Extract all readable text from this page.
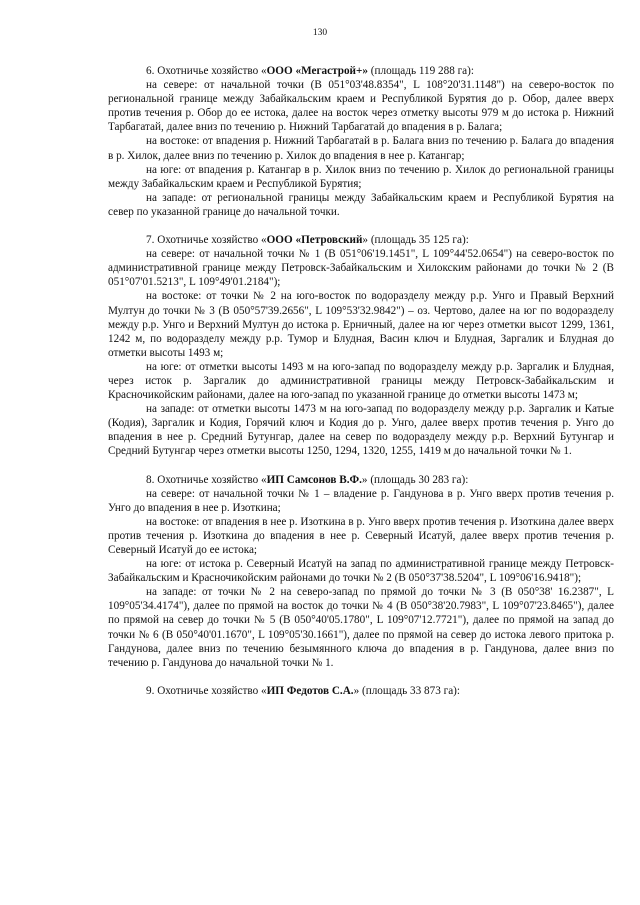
130

6. Охотничье хозяйство «ООО «Мегастрой+» (площадь 119 288 га):

на севере: от начальной точки (B 051°03'48.8354", L 108°20'31.1148") на северо-восток по региональной границе между Забайкальским краем и Республикой Бурятия до р. Обор, далее вверх против течения р. Обор до ее истока, далее на восток через отметку высоты 979 м до истока р. Нижний Тарбагатай, далее вниз по течению р. Нижний Тарбагатай до впадения в р. Балага;

на востоке: от впадения р. Нижний Тарбагатай в р. Балага вниз по течению р. Балага до впадения в р. Хилок, далее вниз по течению р. Хилок до впадения в нее р. Катангар;

на юге: от впадения р. Катангар в р. Хилок вниз по течению р. Хилок до региональной границы между Забайкальским краем и Республикой Бурятия;

на западе: от региональной границы между Забайкальским краем и Республикой Бурятия на север по указанной границе до начальной точки.

7. Охотничье хозяйство «ООО «Петровский» (площадь 35 125 га):

на севере: от начальной точки № 1 (B 051°06'19.1451", L 109°44'52.0654") на северо-восток по административной границе между Петровск-Забайкальским и Хилокским районами до точки № 2 (B 051°07'01.5213", L 109°49'01.2184");

на востоке: от точки № 2 на юго-восток по водоразделу между р.р. Унго и Правый Верхний Мултун до точки № 3 (B 050°57'39.2656", L 109°53'32.9842") – оз. Чертово, далее на юг по водоразделу между р.р. Унго и Верхний Мултун до истока р. Ерничный, далее на юг через отметки высот 1299, 1361, 1242 м, по водоразделу между р.р. Тумор и Блудная, Васин ключ и Блудная, Заргалик и Блудная до отметки высоты 1493 м;

на юге: от отметки высоты 1493 м на юго-запад по водоразделу между р.р. Заргалик и Блудная, через исток р. Заргалик до административной границы между Петровск-Забайкальским и Красночикойским районами, далее на юго-запад по указанной границе до отметки высоты 1473 м;

на западе: от отметки высоты 1473 м на юго-запад по водоразделу между р.р. Заргалик и Катые (Кодия), Заргалик и Кодия, Горячий ключ и Кодия до р. Унго, далее вверх против течения р. Унго до впадения в нее р. Средний Бутунгар, далее на север по водоразделу между р.р. Верхний Бутунгар и Средний Бутунгар через отметки высоты 1250, 1294, 1320, 1255, 1419 м до начальной точки № 1.

8. Охотничье хозяйство «ИП Самсонов В.Ф.» (площадь 30 283 га):

на севере: от начальной точки № 1 – владение р. Гандунова в р. Унго вверх против течения р. Унго до впадения в нее р. Изоткина;

на востоке: от впадения в нее р. Изоткина в р. Унго вверх против течения р. Изоткина далее вверх против течения р. Изоткина до впадения в нее р. Северный Исатуй, далее вверх против течения р. Северный Исатуй до ее истока;

на юге: от истока р. Северный Исатуй на запад по административной границе между Петровск-Забайкальским и Красночикойским районами до точки № 2 (B 050°37'38.5204", L 109°06'16.9418");

на западе: от точки № 2 на северо-запад по прямой до точки № 3 (B 050°38' 16.2387", L 109°05'34.4174"), далее по прямой на восток до точки № 4 (B 050°38'20.7983", L 109°07'23.8465"), далее по прямой на север до точки № 5 (B 050°40'05.1780", L 109°07'12.7721"), далее по прямой на запад до точки № 6 (B 050°40'01.1670", L 109°05'30.1661"), далее по прямой на север до истока левого притока р. Гандунова, далее вниз по течению безымянного ключа до впадения в р. Гандунова, далее вниз по течению р. Гандунова до начальной точки № 1.

9. Охотничье хозяйство «ИП Федотов С.А.» (площадь 33 873 га):
